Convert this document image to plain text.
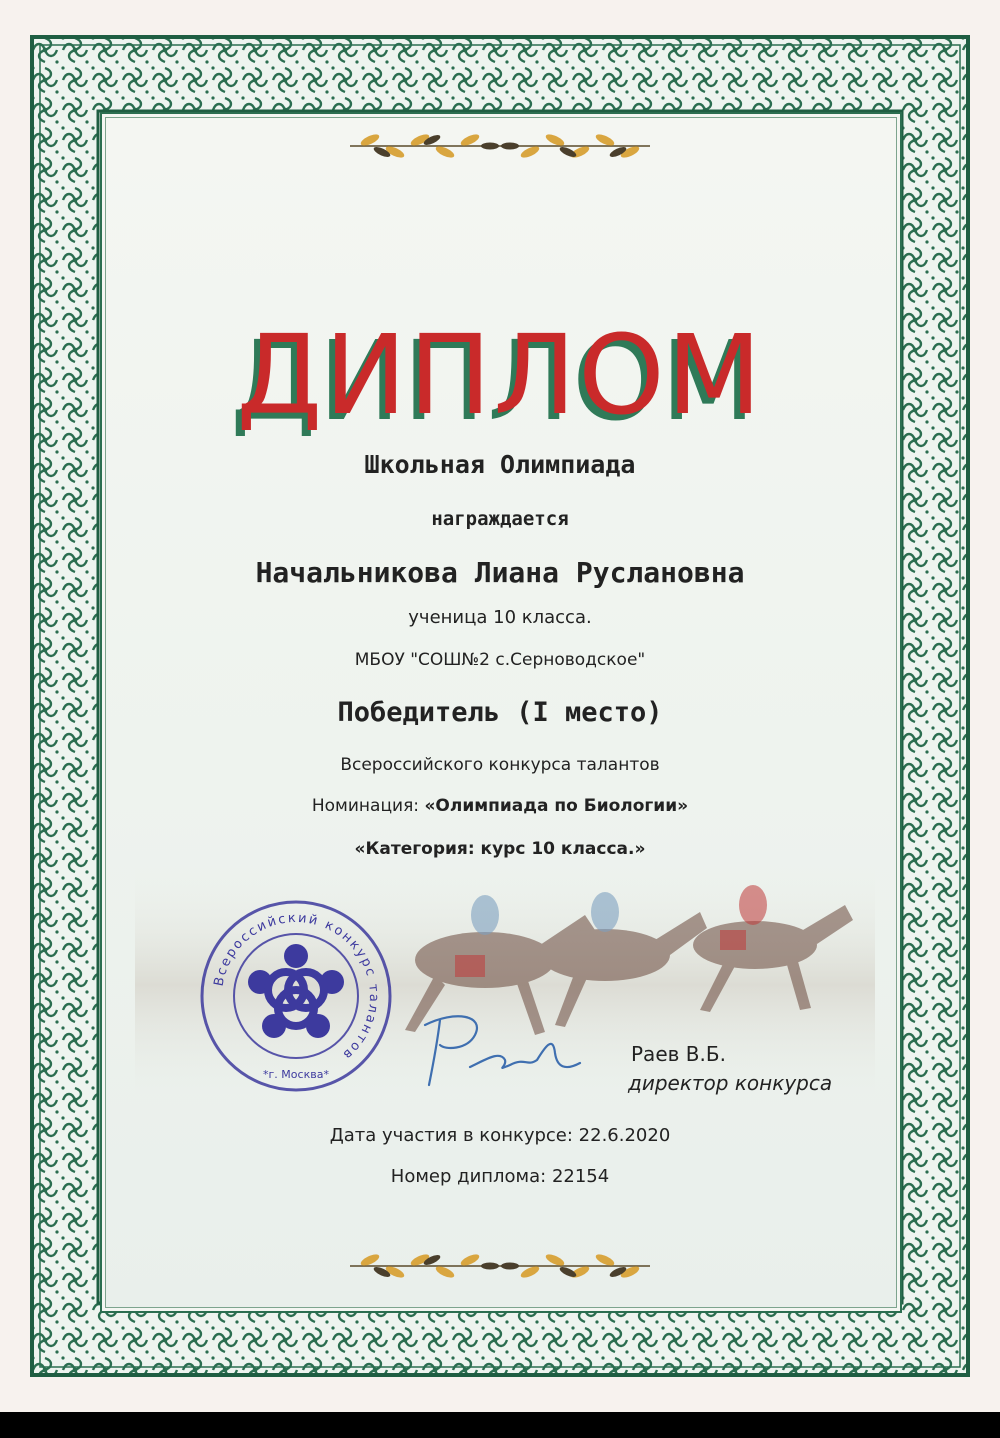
ДИПЛОМ
Школьная Олимпиада
награждается
Начальникова Лиана Руслановна
ученица 10 класса.
МБОУ "СОШ№2 с.Серноводское"
Победитель (I место)
Всероссийского конкурса талантов
Номинация: «Олимпиада по Биологии»
«Категория: курс 10 класса.»
Всероссийский конкурс талантов
*г. Москва*
Раев В.Б.
директор конкурса
Дата участия в конкурсе: 22.6.2020
Номер диплома: 22154
